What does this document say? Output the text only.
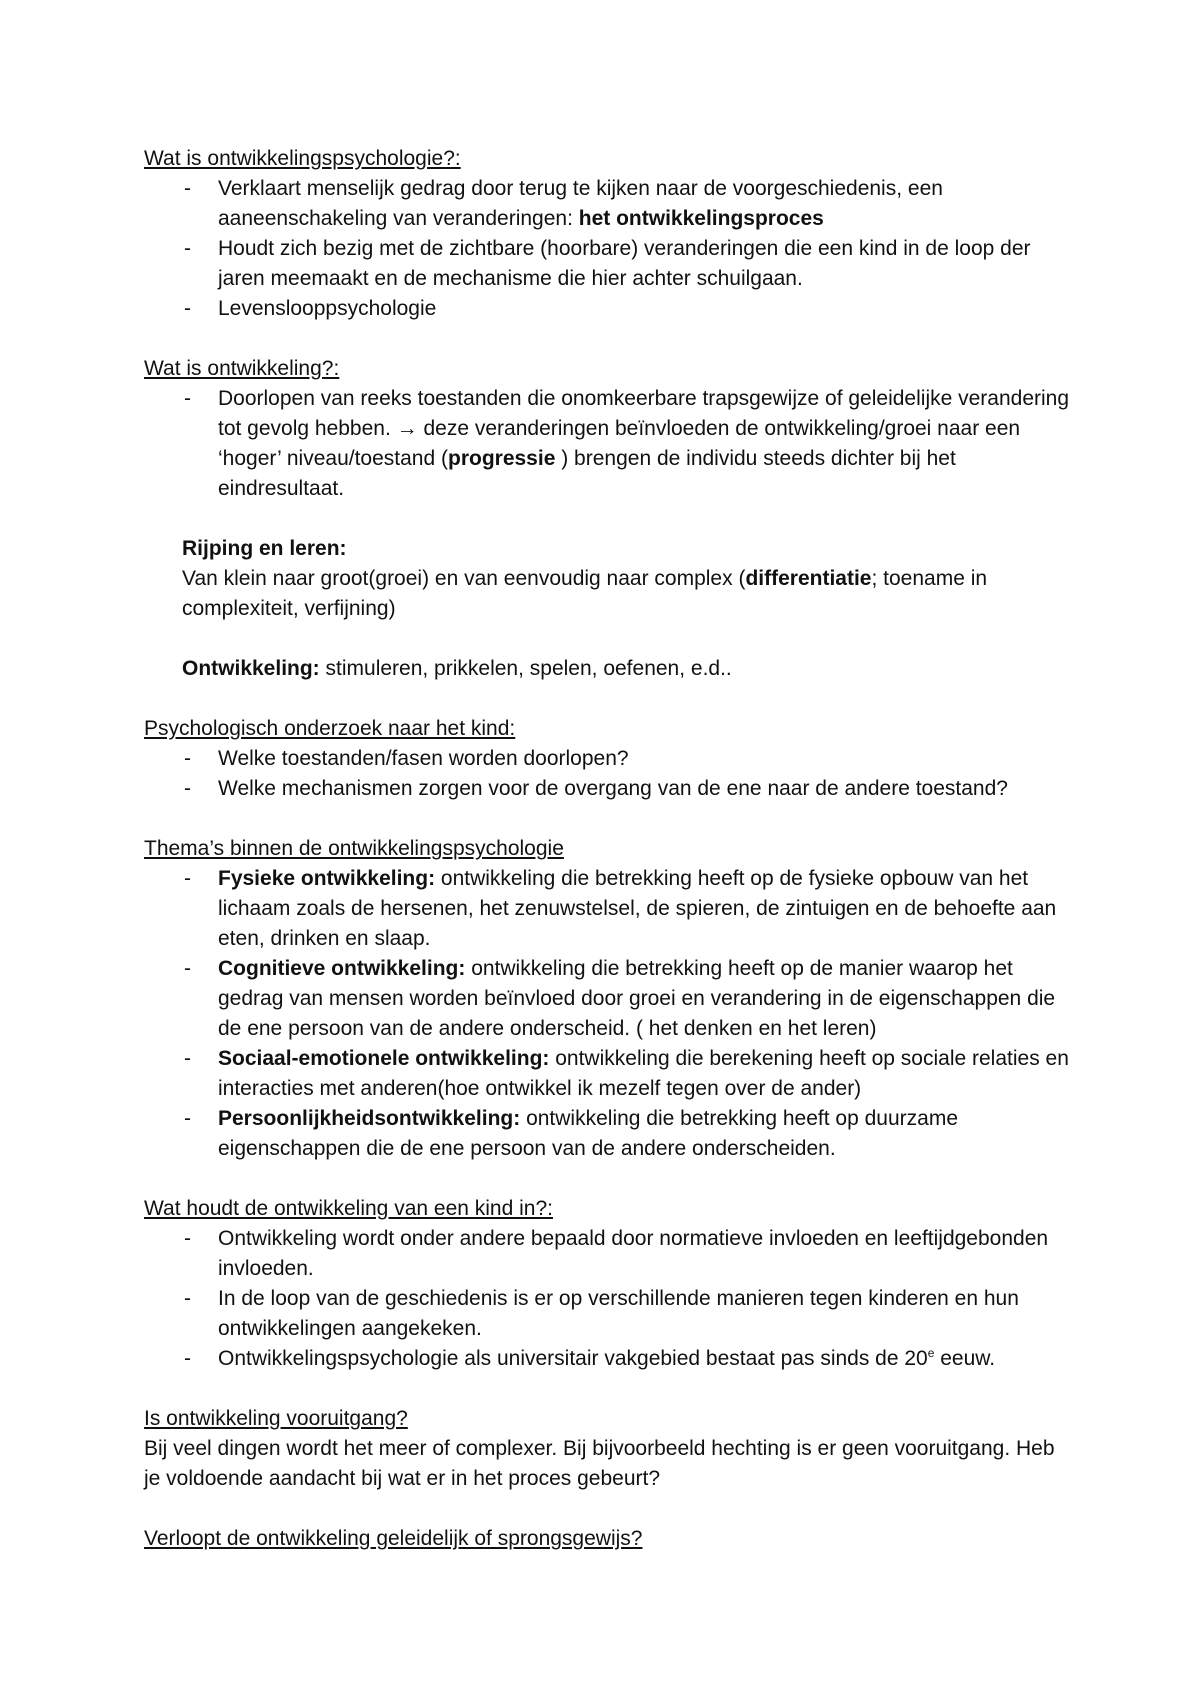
Wat is ontwikkelingspsychologie?:
- Verklaart menselijk gedrag door terug te kijken naar de voorgeschiedenis, een aaneenschakeling van veranderingen: het ontwikkelingsproces
- Houdt zich bezig met de zichtbare (hoorbare) veranderingen die een kind in de loop der jaren meemaakt en de mechanisme die hier achter schuilgaan.
- Levenslooppsychologie
Wat is ontwikkeling?:
- Doorlopen van reeks toestanden die onomkeerbare trapsgewijze of geleidelijke verandering tot gevolg hebben. → deze veranderingen beïnvloeden de ontwikkeling/groei naar een ‘hoger’ niveau/toestand (progressie ) brengen de individu steeds dichter bij het eindresultaat.
Rijping en leren:
Van klein naar groot(groei) en van eenvoudig naar complex (differentiatie; toename in complexiteit, verfijning)
Ontwikkeling: stimuleren, prikkelen, spelen, oefenen, e.d..
Psychologisch onderzoek naar het kind:
- Welke toestanden/fasen worden doorlopen?
- Welke mechanismen zorgen voor de overgang van de ene naar de andere toestand?
Thema’s binnen de ontwikkelingspsychologie
- Fysieke ontwikkeling: ontwikkeling die betrekking heeft op de fysieke opbouw van het lichaam zoals de hersenen, het zenuwstelsel, de spieren, de zintuigen en de behoefte aan eten, drinken en slaap.
- Cognitieve ontwikkeling: ontwikkeling die betrekking heeft op de manier waarop het gedrag van mensen worden beïnvloed door groei en verandering in de eigenschappen die de ene persoon van de andere onderscheid. ( het denken en het leren)
- Sociaal-emotionele ontwikkeling: ontwikkeling die berekening heeft op sociale relaties en interacties met anderen(hoe ontwikkel ik mezelf tegen over de ander)
- Persoonlijkheidsontwikkeling: ontwikkeling die betrekking heeft op duurzame eigenschappen die de ene persoon van de andere onderscheiden.
Wat houdt de ontwikkeling van een kind in?:
- Ontwikkeling wordt onder andere bepaald door normatieve invloeden en leeftijdgebonden invloeden.
- In de loop van de geschiedenis is er op verschillende manieren tegen kinderen en hun ontwikkelingen aangekeken.
- Ontwikkelingspsychologie als universitair vakgebied bestaat pas sinds de 20e eeuw.
Is ontwikkeling vooruitgang?
Bij veel dingen wordt het meer of complexer. Bij bijvoorbeeld hechting is er geen vooruitgang. Heb je voldoende aandacht bij wat er in het proces gebeurt?
Verloopt de ontwikkeling geleidelijk of sprongsgewijs?
